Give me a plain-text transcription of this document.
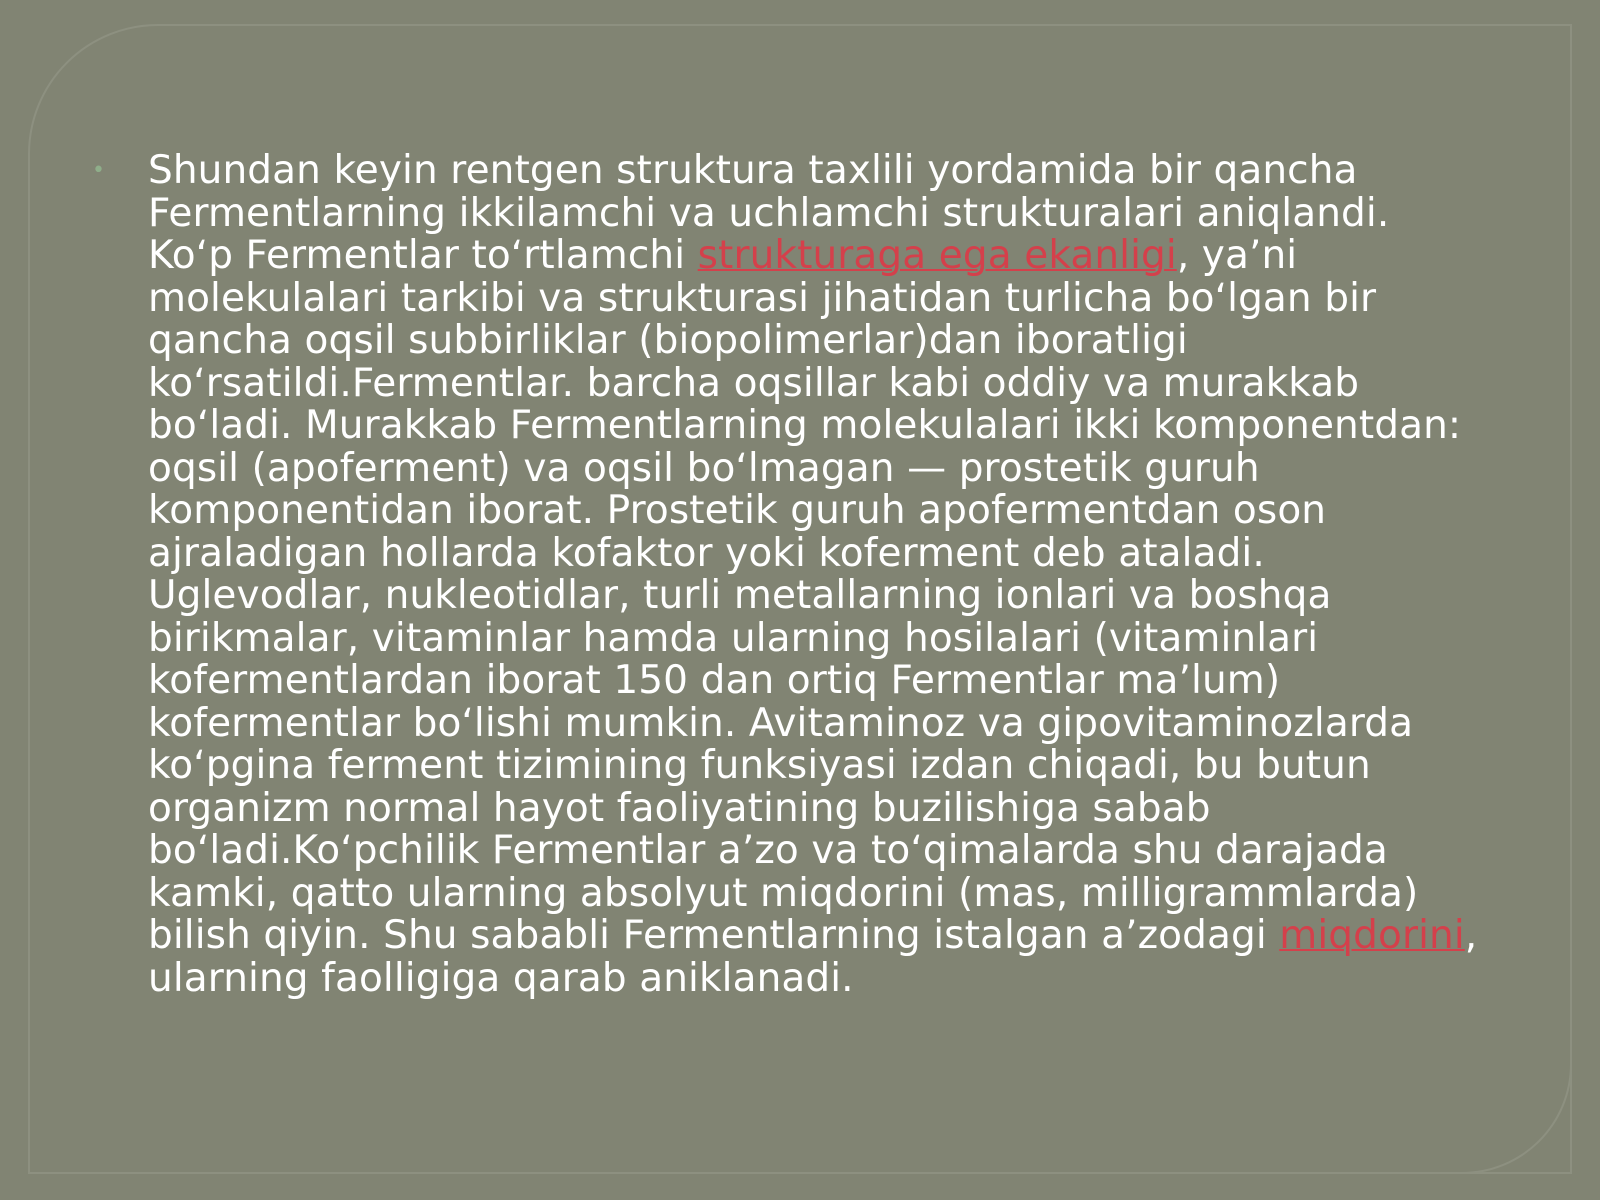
•	Shundan keyin rentgen struktura taxlili yordamida bir qancha Fermentlarning ikkilamchi va uchlamchi strukturalari aniqlandi. Koʻp Fermentlar toʻrtlamchi strukturaga ega ekanligi, yaʼni molekulalari tarkibi va strukturasi jihatidan turlicha boʻlgan bir qancha oqsil subbirliklar (biopolimerlar)dan iboratligi koʻrsatildi.Fermentlar. barcha oqsillar kabi oddiy va murakkab boʻladi. Murakkab Fermentlarning molekulalari ikki komponentdan: oqsil (apoferment) va oqsil boʻlmagan — prostetik guruh komponentidan iborat. Prostetik guruh apofermentdan oson ajraladigan hollarda kofaktor yoki koferment deb ataladi. Uglevodlar, nukleotidlar, turli metallarning ionlari va boshqa birikmalar, vitaminlar hamda ularning hosilalari (vitaminlari kofermentlardan iborat 150 dan ortiq Fermentlar maʼlum) kofermentlar boʻlishi mumkin. Avitaminoz va gipovitaminozlarda koʻpgina ferment tizimining funksiyasi izdan chiqadi, bu butun organizm normal hayot faoliyatining buzilishiga sabab boʻladi.Koʻpchilik Fermentlar aʼzo va toʻqimalarda shu darajada kamki, qatto ularning absolyut miqdorini (mas, milligrammlarda) bilish qiyin. Shu sababli Fermentlarning istalgan aʼzodagi miqdorini, ularning faolligiga qarab aniklanadi.
